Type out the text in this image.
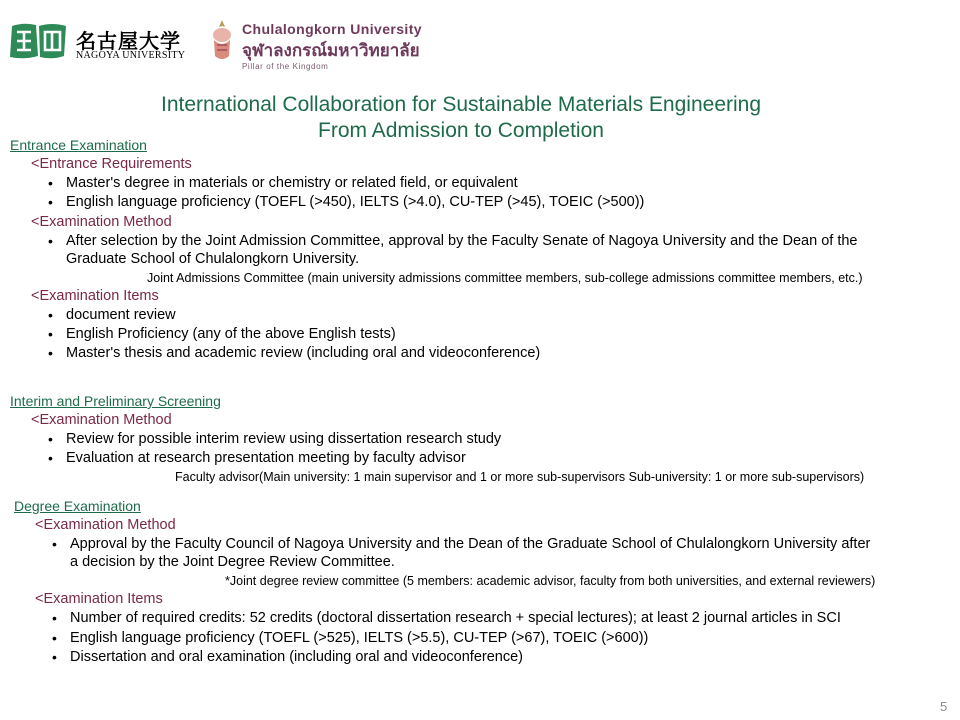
名古屋大学
NAGOYA UNIVERSITY
Chulalongkorn University
จุฬาลงกรณ์มหาวิทยาลัย
Pillar of the Kingdom
International Collaboration for Sustainable Materials Engineering
From Admission to Completion
Entrance Examination
<Entrance Requirements
• Master's degree in materials or chemistry or related field, or equivalent
• English language proficiency (TOEFL (>450), IELTS (>4.0), CU-TEP (>45), TOEIC (>500))
<Examination Method
• After selection by the Joint Admission Committee, approval by the Faculty Senate of Nagoya University and the Dean of the
Graduate School of Chulalongkorn University.
Joint Admissions Committee (main university admissions committee members, sub-college admissions committee members, etc.)
<Examination Items
• document review
• English Proficiency (any of the above English tests)
• Master's thesis and academic review (including oral and videoconference)
Interim and Preliminary Screening
<Examination Method
• Review for possible interim review using dissertation research study
• Evaluation at research presentation meeting by faculty advisor
Faculty advisor(Main university: 1 main supervisor and 1 or more sub-supervisors Sub-university: 1 or more sub-supervisors)
Degree Examination
<Examination Method
• Approval by the Faculty Council of Nagoya University and the Dean of the Graduate School of Chulalongkorn University after
a decision by the Joint Degree Review Committee.
*Joint degree review committee (5 members: academic advisor, faculty from both universities, and external reviewers)
<Examination Items
• Number of required credits: 52 credits (doctoral dissertation research + special lectures); at least 2 journal articles in SCI
• English language proficiency (TOEFL (>525), IELTS (>5.5), CU-TEP (>67), TOEIC (>600))
• Dissertation and oral examination (including oral and videoconference)
5
